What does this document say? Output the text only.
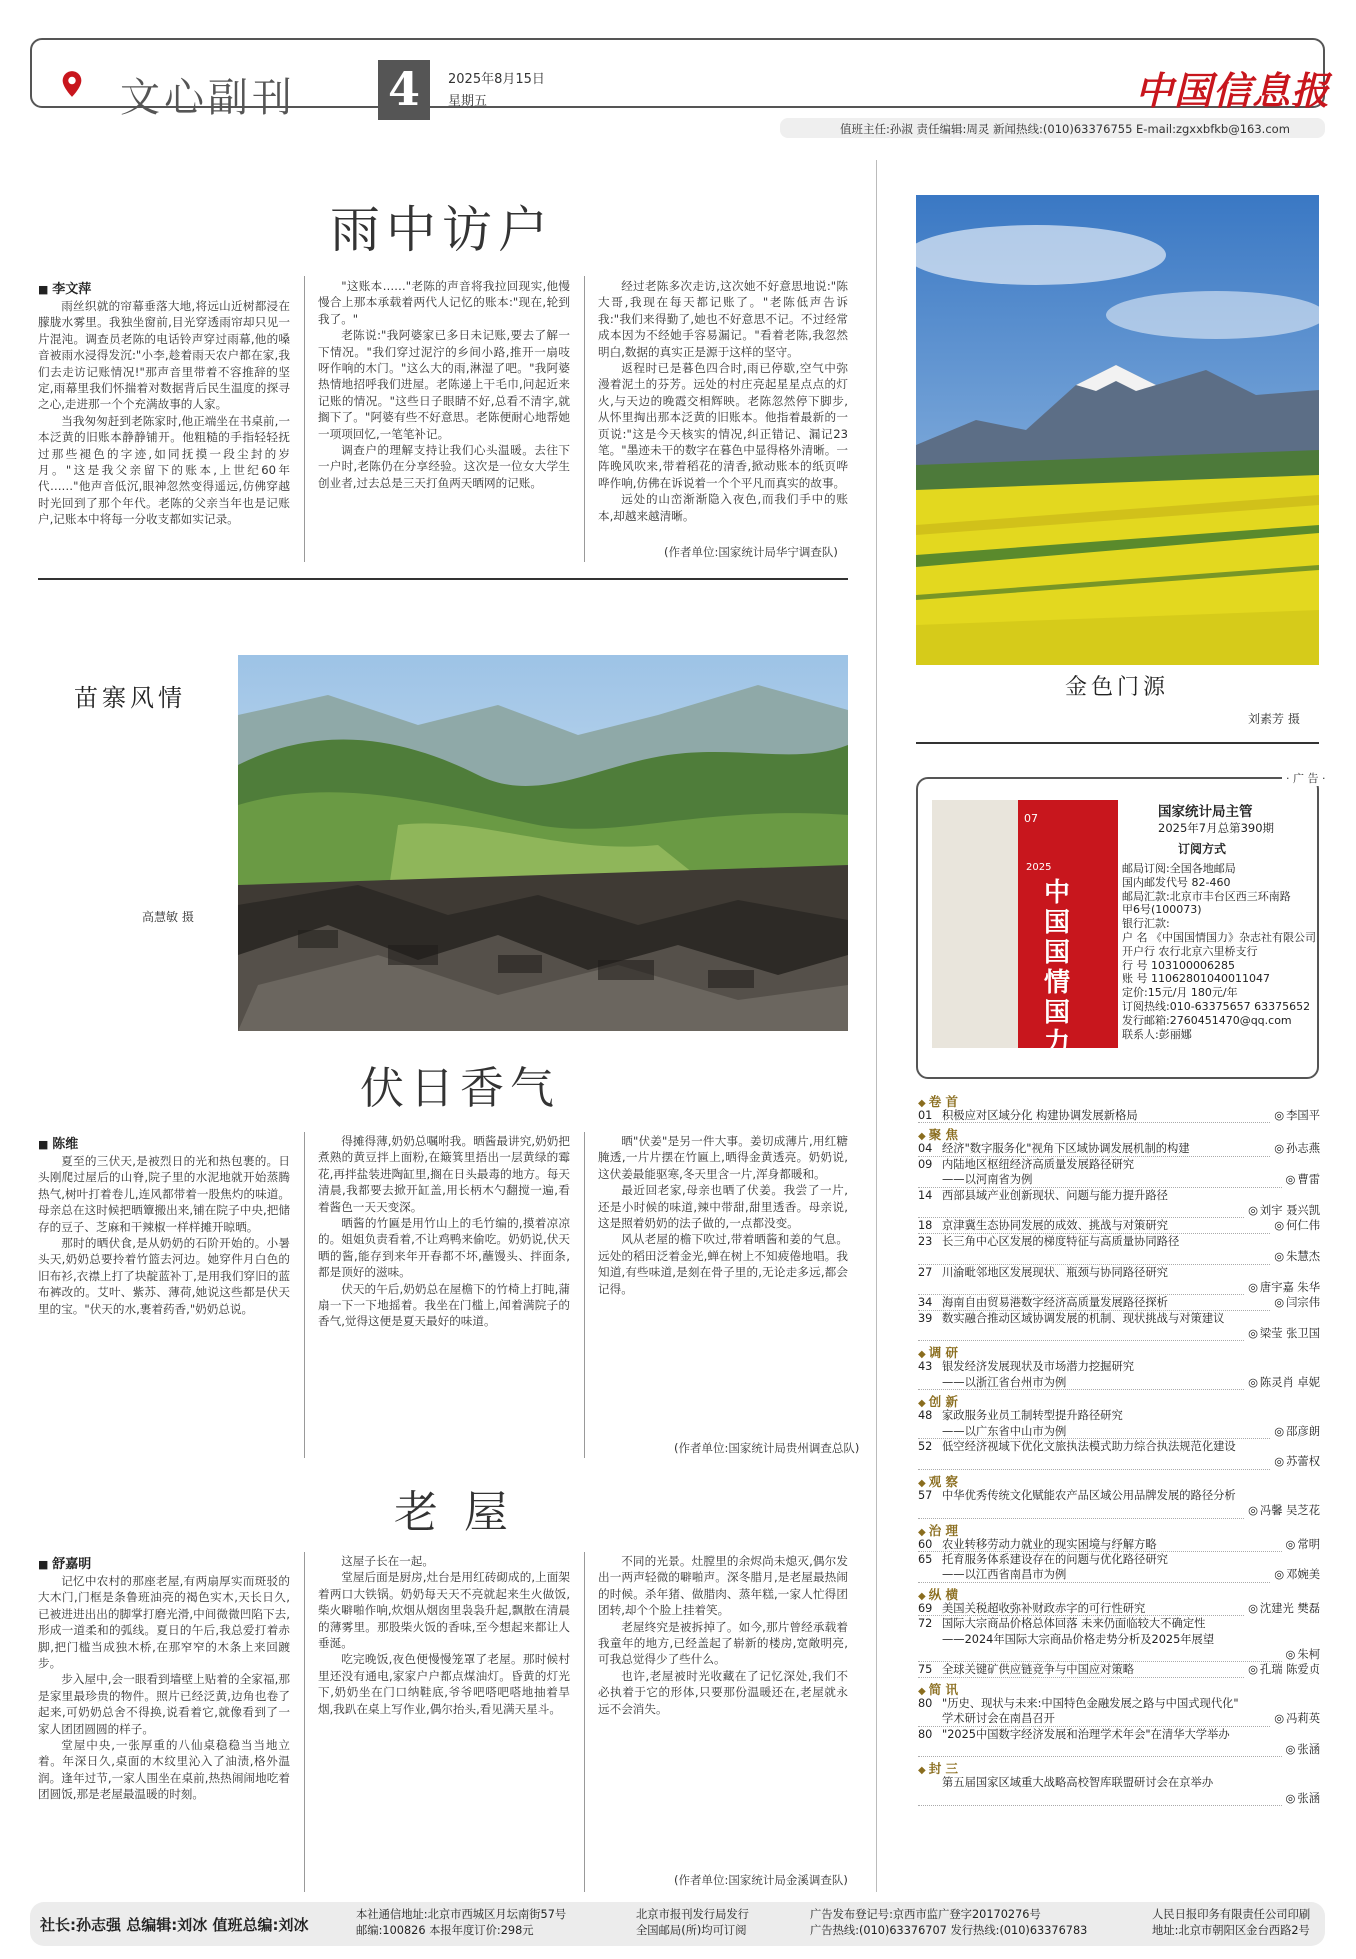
文心副刊 4	2025年8月15日
星期五	中国信息报
值班主任:孙淑 责任编辑:周灵 新闻热线:(010)63376755 E-mail:zgxxbfkb@163.com
雨中访户
■ 李文萍

雨丝织就的帘幕垂落大地,将远山近树都浸在朦胧水雾里。我独坐窗前,目光穿透雨帘却只见一片混沌。调查员老陈的电话铃声穿过雨幕,他的嗓音被雨水浸得发沉:"小李,趁着雨天农户都在家,我们去走访记账情况!"那声音里带着不容推辞的坚定,雨幕里我们怀揣着对数据背后民生温度的探寻之心,走进那一个个充满故事的人家。

当我匆匆赶到老陈家时,他正端坐在书桌前,一本泛黄的旧账本静静铺开。他粗糙的手指轻轻抚过那些褪色的字迹,如同抚摸一段尘封的岁月。"这是我父亲留下的账本,上世纪60年代……"他声音低沉,眼神忽然变得遥远,仿佛穿越时光回到了那个年代。老陈的父亲当年也是记账户,记账本中将每一分收支都如实记录。

"这账本……"老陈的声音将我拉回现实,他慢慢合上那本承载着两代人记忆的账本:"现在,轮到我了。"

老陈说:"我阿婆家已多日未记账,要去了解一下情况。"我们穿过泥泞的乡间小路,推开一扇吱呀作响的木门。"这么大的雨,淋湿了吧。"我阿婆热情地招呼我们进屋。老陈递上干毛巾,问起近来记账的情况。"这些日子眼睛不好,总看不清字,就搁下了。"阿婆有些不好意思。老陈便耐心地帮她一项项回忆,一笔笔补记。

调查户的理解支持让我们心头温暖。去往下一户时,老陈仍在分享经验。这次是一位女大学生创业者,过去总是三天打鱼两天晒网的记账。

经过老陈多次走访,这次她不好意思地说:"陈大哥,我现在每天都记账了。"老陈低声告诉我:"我们来得勤了,她也不好意思不记。不过经常成本因为不经她手容易漏记。"看着老陈,我忽然明白,数据的真实正是源于这样的坚守。

返程时已是暮色四合时,雨已停歇,空气中弥漫着泥土的芬芳。远处的村庄亮起星星点点的灯火,与天边的晚霞交相辉映。老陈忽然停下脚步,从怀里掏出那本泛黄的旧账本。他指着最新的一页说:"这是今天核实的情况,纠正错记、漏记23笔。"墨迹未干的数字在暮色中显得格外清晰。一阵晚风吹来,带着稻花的清香,掀动账本的纸页哗哗作响,仿佛在诉说着一个个平凡而真实的故事。

远处的山峦渐渐隐入夜色,而我们手中的账本,却越来越清晰。

(作者单位:国家统计局华宁调查队)
苗寨风情
高慧敏 摄
金色门源
刘素芳 摄
伏日香气
■ 陈维

夏至的三伏天,是被烈日的光和热包裹的。日头刚爬过屋后的山脊,院子里的水泥地就开始蒸腾热气,树叶打着卷儿,连风都带着一股焦灼的味道。母亲总在这时候把晒簟搬出来,铺在院子中央,把储存的豆子、芝麻和干辣椒一样样摊开晾晒。

那时的晒伏食,是从奶奶的石阶开始的。小暑头天,奶奶总要拎着竹篮去河边。她穿件月白色的旧布衫,衣襟上打了块靛蓝补丁,是用我们穿旧的蓝布裤改的。艾叶、紫苏、薄荷,她说这些都是伏天里的宝。"伏天的水,裹着药香,"奶奶总说。

得摊得薄,奶奶总嘱咐我。晒酱最讲究,奶奶把煮熟的黄豆拌上面粉,在簸箕里捂出一层黄绿的霉花,再拌盐装进陶缸里,搁在日头最毒的地方。每天清晨,我都要去掀开缸盖,用长柄木勺翻搅一遍,看着酱色一天天变深。

晒酱的竹匾是用竹山上的毛竹编的,摸着凉凉的。姐姐负责看着,不让鸡鸭来偷吃。奶奶说,伏天晒的酱,能存到来年开春都不坏,蘸馒头、拌面条,都是顶好的滋味。

伏天的午后,奶奶总在屋檐下的竹椅上打盹,蒲扇一下一下地摇着。我坐在门槛上,闻着满院子的香气,觉得这便是夏天最好的味道。

晒"伏姜"是另一件大事。姜切成薄片,用红糖腌透,一片片摆在竹匾上,晒得金黄透亮。奶奶说,这伏姜最能驱寒,冬天里含一片,浑身都暖和。

最近回老家,母亲也晒了伏姜。我尝了一片,还是小时候的味道,辣中带甜,甜里透香。母亲说,这是照着奶奶的法子做的,一点都没变。

风从老屋的檐下吹过,带着晒酱和姜的气息。远处的稻田泛着金光,蝉在树上不知疲倦地唱。我知道,有些味道,是刻在骨子里的,无论走多远,都会记得。

(作者单位:国家统计局贵州调查总队)
老 屋
■ 舒嘉明

记忆中农村的那座老屋,有两扇厚实而斑驳的大木门,门框是条鲁班油亮的褐色实木,天长日久,已被进进出出的脚掌打磨光滑,中间微微凹陷下去,形成一道柔和的弧线。夏日的午后,我总爱打着赤脚,把门槛当成独木桥,在那窄窄的木条上来回踱步。

步入屋中,会一眼看到墙壁上贴着的全家福,那是家里最珍贵的物件。照片已经泛黄,边角也卷了起来,可奶奶总舍不得换,说看着它,就像看到了一家人团团圆圆的样子。

堂屋中央,一张厚重的八仙桌稳稳当当地立着。年深日久,桌面的木纹里沁入了油渍,格外温润。逢年过节,一家人围坐在桌前,热热闹闹地吃着团圆饭,那是老屋最温暖的时刻。

这屋子长在一起。

堂屋后面是厨房,灶台是用红砖砌成的,上面架着两口大铁锅。奶奶每天天不亮就起来生火做饭,柴火噼啪作响,炊烟从烟囱里袅袅升起,飘散在清晨的薄雾里。那股柴火饭的香味,至今想起来都让人垂涎。

吃完晚饭,夜色便慢慢笼罩了老屋。那时候村里还没有通电,家家户户都点煤油灯。昏黄的灯光下,奶奶坐在门口纳鞋底,爷爷吧嗒吧嗒地抽着旱烟,我趴在桌上写作业,偶尔抬头,看见满天星斗。

不同的光景。灶膛里的余烬尚未熄灭,偶尔发出一两声轻微的噼啪声。深冬腊月,是老屋最热闹的时候。杀年猪、做腊肉、蒸年糕,一家人忙得团团转,却个个脸上挂着笑。

老屋终究是被拆掉了。如今,那片曾经承载着我童年的地方,已经盖起了崭新的楼房,宽敞明亮,可我总觉得少了些什么。

也许,老屋被时光收藏在了记忆深处,我们不必执着于它的形体,只要那份温暖还在,老屋就永远不会消失。

(作者单位:国家统计局金溪调查队)
· 广 告 ·
07
2025
中国国情国力
国家统计局主管
2025年7月总第390期
订阅方式
邮局订阅:全国各地邮局
国内邮发代号 82-460
邮局汇款:北京市丰台区西三环南路
甲6号(100073)
银行汇款:
户 名 《中国国情国力》杂志社有限公司
开户行 农行北京六里桥支行
行 号 103100006285
账 号 11062801040011047
定价:15元/月 180元/年
订阅热线:010-63375657 63375652
发行邮箱:2760451470@qq.com
联系人:彭丽娜
◆ 卷 首
01 积极应对区域分化 构建协调发展新格局	◎ 李国平
◆ 聚 焦
04 经济"数字服务化"视角下区域协调发展机制的构建	◎ 孙志燕
09 内陆地区枢纽经济高质量发展路径研究
——以河南省为例	◎ 曹雷
14 西部县域产业创新现状、问题与能力提升路径
◎ 刘宇 聂兴凯
18 京津冀生态协同发展的成效、挑战与对策研究	◎ 何仁伟
23 长三角中心区发展的梯度特征与高质量协同路径
◎ 朱慧杰
27 川渝毗邻地区发展现状、瓶颈与协同路径研究
◎ 唐宇嘉 朱华
34 海南自由贸易港数字经济高质量发展路径探析	◎ 闫宗伟
39 数实融合推动区域协调发展的机制、现状挑战与对策建议
◎ 梁莹 张卫国
◆ 调 研
43 银发经济发展现状及市场潜力挖掘研究
——以浙江省台州市为例	◎ 陈灵肖 卓妮
◆ 创 新
48 家政服务业员工制转型提升路径研究
——以广东省中山市为例	◎ 邵彦朗
52 低空经济视域下优化文旅执法模式助力综合执法规范化建设
◎ 苏蕾权
◆ 观 察
57 中华优秀传统文化赋能农产品区域公用品牌发展的路径分析
◎ 冯馨 吴芝花
◆ 治 理
60 农业转移劳动力就业的现实困境与纾解方略	◎ 常明
65 托育服务体系建设存在的问题与优化路径研究
——以江西省南昌市为例	◎ 邓婉美
◆ 纵 横
69 美国关税超收弥补财政赤字的可行性研究	◎ 沈建光 樊磊
72 国际大宗商品价格总体回落 未来仍面临较大不确定性
——2024年国际大宗商品价格走势分析及2025年展望
◎ 朱柯
75 全球关键矿供应链竞争与中国应对策略	◎ 孔瑞 陈爱贞
◆ 简 讯
80 "历史、现状与未来:中国特色金融发展之路与中国式现代化"
学术研讨会在南昌召开	◎ 冯莉英
80 "2025中国数字经济发展和治理学术年会"在清华大学举办
◎ 张涵
◆ 封 三
第五届国家区域重大战略高校智库联盟研讨会在京举办
◎ 张涵
社长:孙志强 总编辑:刘冰 值班总编:刘冰
本社通信地址:北京市西城区月坛南街57号
邮编:100826 本报年度订价:298元
北京市报刊发行局发行
全国邮局(所)均可订阅
广告发布登记号:京西市监广登字20170276号
广告热线:(010)63376707 发行热线:(010)63376783
人民日报印务有限责任公司印刷
地址:北京市朝阳区金台西路2号
